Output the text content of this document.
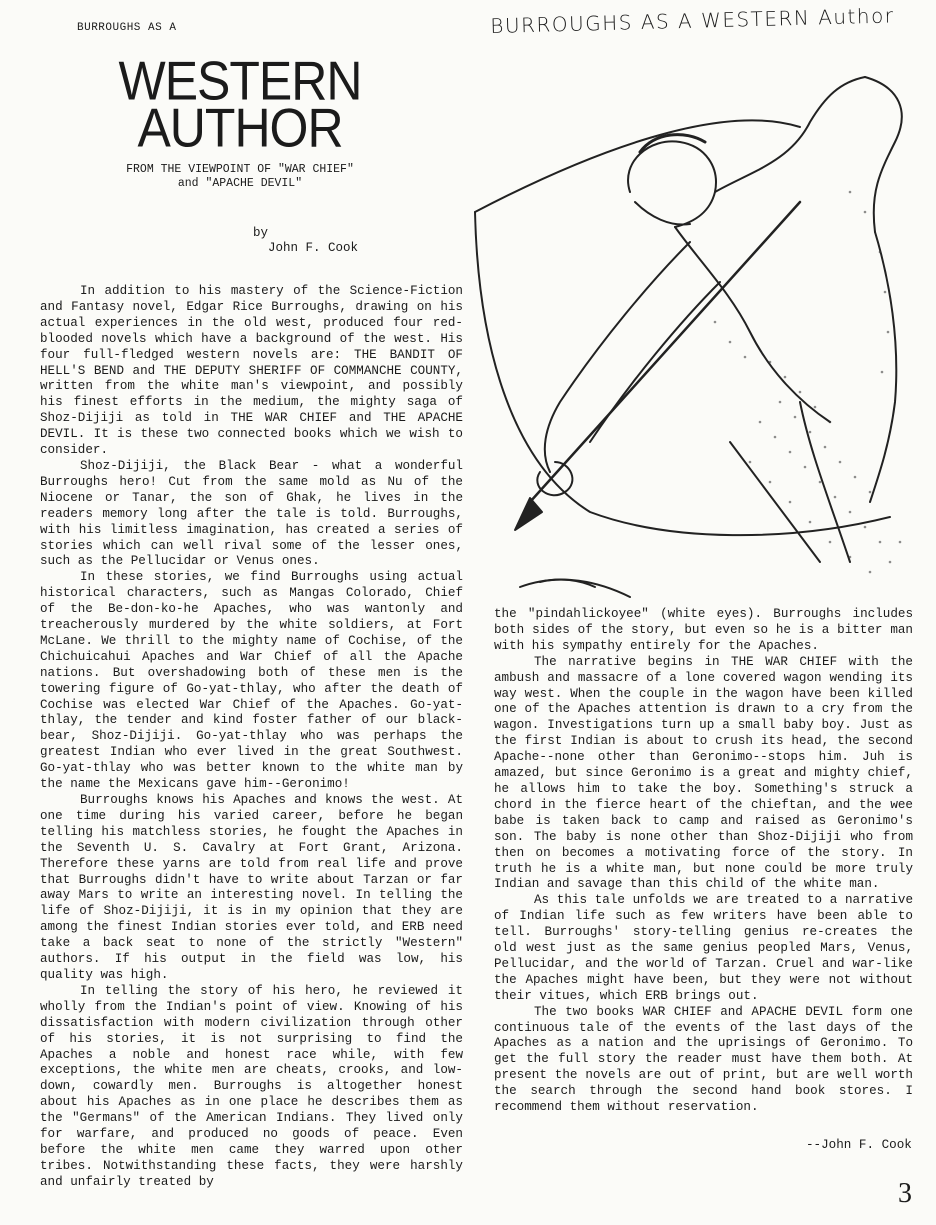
BURROUGHS AS A	BURROUGHS AS A WESTERN Author
WESTERN
AUTHOR
FROM THE VIEWPOINT OF "WAR CHIEF" and "APACHE DEVIL"
by
John F. Cook

In addition to his mastery of the Science-Fiction and Fantasy novel, Edgar Rice Burroughs, drawing on his actual experiences in the old west, produced four red-blooded novels which have a background of the west. His four full-fledged western novels are: THE BANDIT OF HELL'S BEND and THE DEPUTY SHERIFF OF COMMANCHE COUNTY, written from the white man's viewpoint, and possibly his finest efforts in the medium, the mighty saga of Shoz-Dijiji as told in THE WAR CHIEF and THE APACHE DEVIL. It is these two connected books which we wish to consider.

Shoz-Dijiji, the Black Bear - what a wonderful Burroughs hero! Cut from the same mold as Nu of the Niocene or Tanar, the son of Ghak, he lives in the readers memory long after the tale is told. Burroughs, with his limitless imagination, has created a series of stories which can well rival some of the lesser ones, such as the Pellucidar or Venus ones.

In these stories, we find Burroughs using actual historical characters, such as Mangas Colorado, Chief of the Be-don-ko-he Apaches, who was wantonly and treacherously murdered by the white soldiers, at Fort McLane. We thrill to the mighty name of Cochise, of the Chichuicahui Apaches and War Chief of all the Apache nations. But overshadowing both of these men is the towering figure of Go-yat-thlay, who after the death of Cochise was elected War Chief of the Apaches. Go-yat-thlay, the tender and kind foster father of our black-bear, Shoz-Dijiji. Go-yat-thlay who was perhaps the greatest Indian who ever lived in the great Southwest. Go-yat-thlay who was better known to the white man by the name the Mexicans gave him--Geronimo!

Burroughs knows his Apaches and knows the west. At one time during his varied career, before he began telling his matchless stories, he fought the Apaches in the Seventh U. S. Cavalry at Fort Grant, Arizona. Therefore these yarns are told from real life and prove that Burroughs didn't have to write about Tarzan or far away Mars to write an interesting novel. In telling the life of Shoz-Dijiji, it is in my opinion that they are among the finest Indian stories ever told, and ERB need take a back seat to none of the strictly "Western" authors. If his output in the field was low, his quality was high.

In telling the story of his hero, he reviewed it wholly from the Indian's point of view. Knowing of his dissatisfaction with modern civilization through other of his stories, it is not surprising to find the Apaches a noble and honest race while, with few exceptions, the white men are cheats, crooks, and low-down, cowardly men. Burroughs is altogether honest about his Apaches as in one place he describes them as the "Germans" of the American Indians. They lived only for warfare, and produced no goods of peace. Even before the white men came they warred upon other tribes. Notwithstanding these facts, they were harshly and unfairly treated by

the "pindahlickoyee" (white eyes). Burroughs includes both sides of the story, but even so he is a bitter man with his sympathy entirely for the Apaches.

The narrative begins in THE WAR CHIEF with the ambush and massacre of a lone covered wagon wending its way west. When the couple in the wagon have been killed one of the Apaches attention is drawn to a cry from the wagon. Investigations turn up a small baby boy. Just as the first Indian is about to crush its head, the second Apache--none other than Geronimo--stops him. Juh is amazed, but since Geronimo is a great and mighty chief, he allows him to take the boy. Something's struck a chord in the fierce heart of the chieftan, and the wee babe is taken back to camp and raised as Geronimo's son. The baby is none other than Shoz-Dijiji who from then on becomes a motivating force of the story. In truth he is a white man, but none could be more truly Indian and savage than this child of the white man.

As this tale unfolds we are treated to a narrative of Indian life such as few writers have been able to tell. Burroughs' story-telling genius re-creates the old west just as the same genius peopled Mars, Venus, Pellucidar, and the world of Tarzan. Cruel and war-like the Apaches might have been, but they were not without their vitues, which ERB brings out.

The two books WAR CHIEF and APACHE DEVIL form one continuous tale of the events of the last days of the Apaches as a nation and the uprisings of Geronimo. To get the full story the reader must have them both. At present the novels are out of print, but are well worth the search through the second hand book stores. I recommend them without reservation.

--John F. Cook
3
